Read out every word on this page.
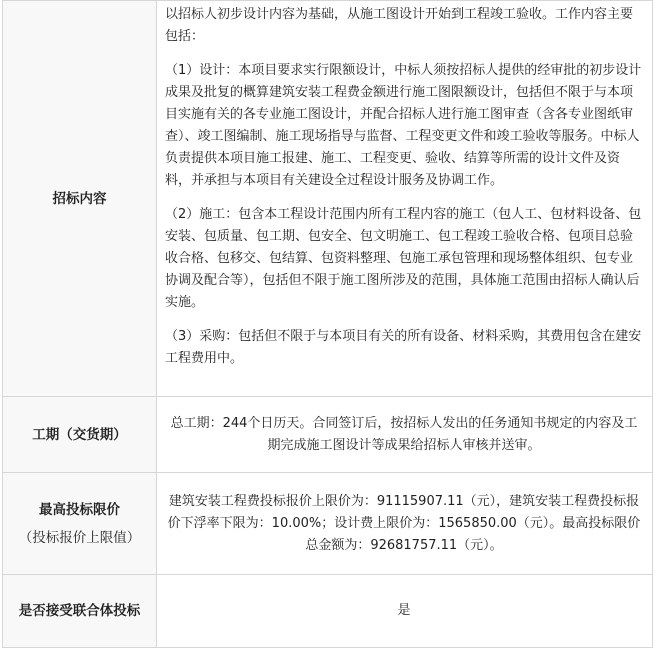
招标内容	以招标人初步设计内容为基础，从施工图设计开始到工程竣工验收。工作内容主要包括：

（1）设计：本项目要求实行限额设计，中标人须按招标人提供的经审批的初步设计成果及批复的概算建筑安装工程费金额进行施工图限额设计，包括但不限于与本项目实施有关的各专业施工图设计，并配合招标人进行施工图审查（含各专业图纸审查）、竣工图编制、施工现场指导与监督、工程变更文件和竣工验收等服务。中标人负责提供本项目施工报建、施工、工程变更、验收、结算等所需的设计文件及资料，并承担与本项目有关建设全过程设计服务及协调工作。

（2）施工：包含本工程设计范围内所有工程内容的施工（包人工、包材料设备、包安装、包质量、包工期、包安全、包文明施工、包工程竣工验收合格、包项目总验收合格、包移交、包结算、包资料整理、包施工承包管理和现场整体组织、包专业协调及配合等），包括但不限于施工图所涉及的范围，具体施工范围由招标人确认后实施。

（3）采购：包括但不限于与本项目有关的所有设备、材料采购，其费用包含在建安工程费用中。

工期（交货期）	总工期：244个日历天。合同签订后，按招标人发出的任务通知书规定的内容及工期完成施工图设计等成果给招标人审核并送审。
最高投标限价
（投标报价上限值）	建筑安装工程费投标报价上限价为：91115907.11（元），建筑安装工程费投标报价下浮率下限为：10.00%；设计费上限价为：1565850.00（元）。最高投标限价总金额为：92681757.11（元）。
是否接受联合体投标	是
